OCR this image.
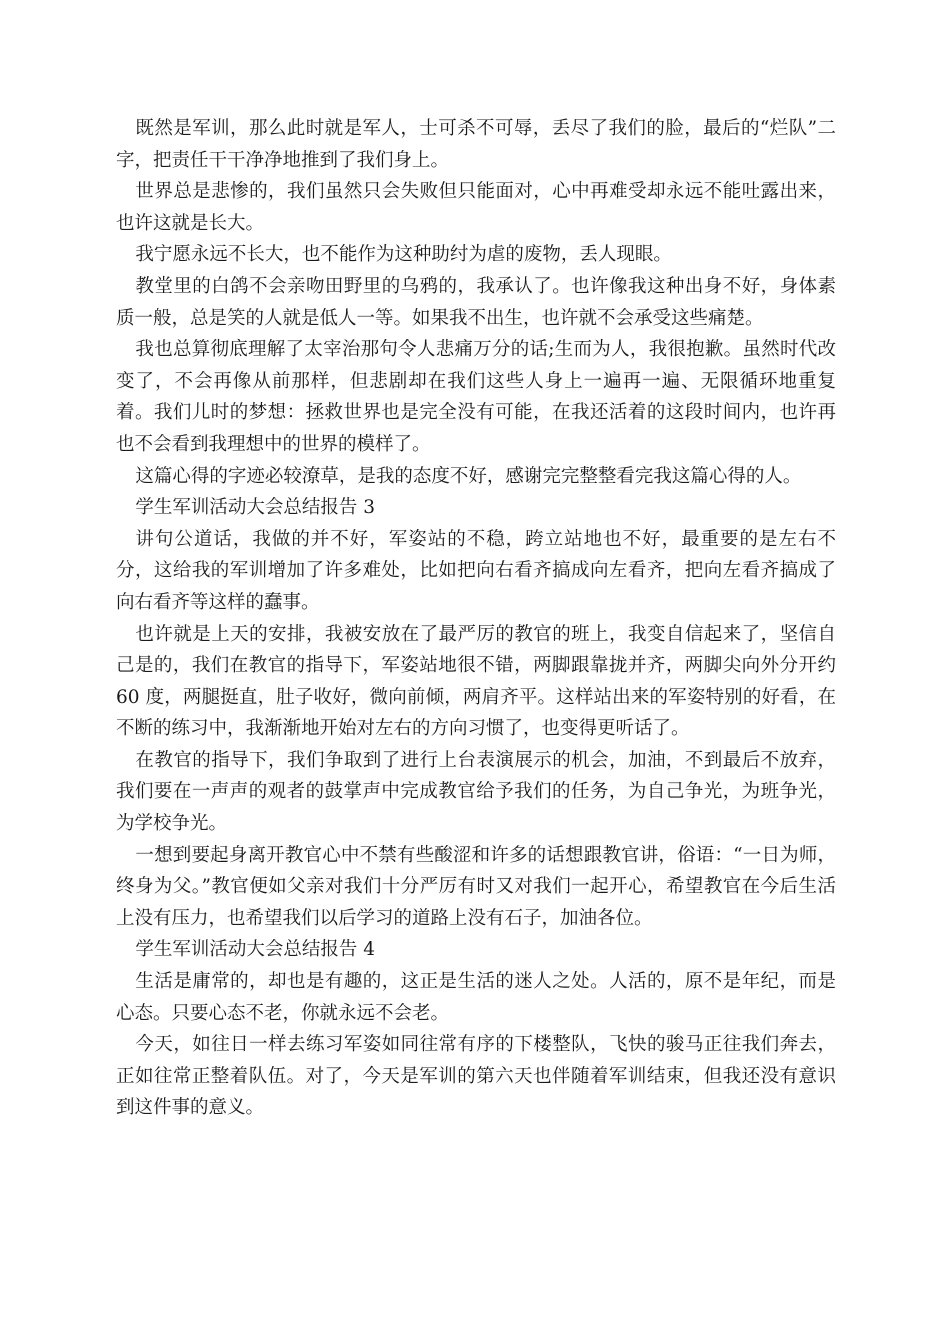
既然是军训，那么此时就是军人，士可杀不可辱，丢尽了我们的脸，最后的“烂队”二字，把责任干干净净地推到了我们身上。

世界总是悲惨的，我们虽然只会失败但只能面对，心中再难受却永远不能吐露出来，也许这就是长大。

我宁愿永远不长大，也不能作为这种助纣为虐的废物，丢人现眼。

教堂里的白鸽不会亲吻田野里的乌鸦的，我承认了。也许像我这种出身不好，身体素质一般，总是笑的人就是低人一等。如果我不出生，也许就不会承受这些痛楚。

我也总算彻底理解了太宰治那句令人悲痛万分的话;生而为人，我很抱歉。虽然时代改变了，不会再像从前那样，但悲剧却在我们这些人身上一遍再一遍、无限循环地重复着。我们儿时的梦想：拯救世界也是完全没有可能，在我还活着的这段时间内，也许再也不会看到我理想中的世界的模样了。

这篇心得的字迹必较潦草，是我的态度不好，感谢完完整整看完我这篇心得的人。

学生军训活动大会总结报告 3

讲句公道话，我做的并不好，军姿站的不稳，跨立站地也不好，最重要的是左右不分，这给我的军训增加了许多难处，比如把向右看齐搞成向左看齐，把向左看齐搞成了向右看齐等这样的蠢事。

也许就是上天的安排，我被安放在了最严厉的教官的班上，我变自信起来了，坚信自己是的，我们在教官的指导下，军姿站地很不错，两脚跟靠拢并齐，两脚尖向外分开约 60 度，两腿挺直，肚子收好，微向前倾，两肩齐平。这样站出来的军姿特别的好看，在不断的练习中，我渐渐地开始对左右的方向习惯了，也变得更听话了。

在教官的指导下，我们争取到了进行上台表演展示的机会，加油，不到最后不放弃，我们要在一声声的观者的鼓掌声中完成教官给予我们的任务，为自己争光，为班争光，为学校争光。

一想到要起身离开教官心中不禁有些酸涩和许多的话想跟教官讲，俗语：“一日为师，终身为父。”教官便如父亲对我们十分严厉有时又对我们一起开心，希望教官在今后生活上没有压力，也希望我们以后学习的道路上没有石子，加油各位。

学生军训活动大会总结报告 4

生活是庸常的，却也是有趣的，这正是生活的迷人之处。人活的，原不是年纪，而是心态。只要心态不老，你就永远不会老。

今天，如往日一样去练习军姿如同往常有序的下楼整队，飞快的骏马正往我们奔去，正如往常正整着队伍。对了，今天是军训的第六天也伴随着军训结束，但我还没有意识到这件事的意义。
